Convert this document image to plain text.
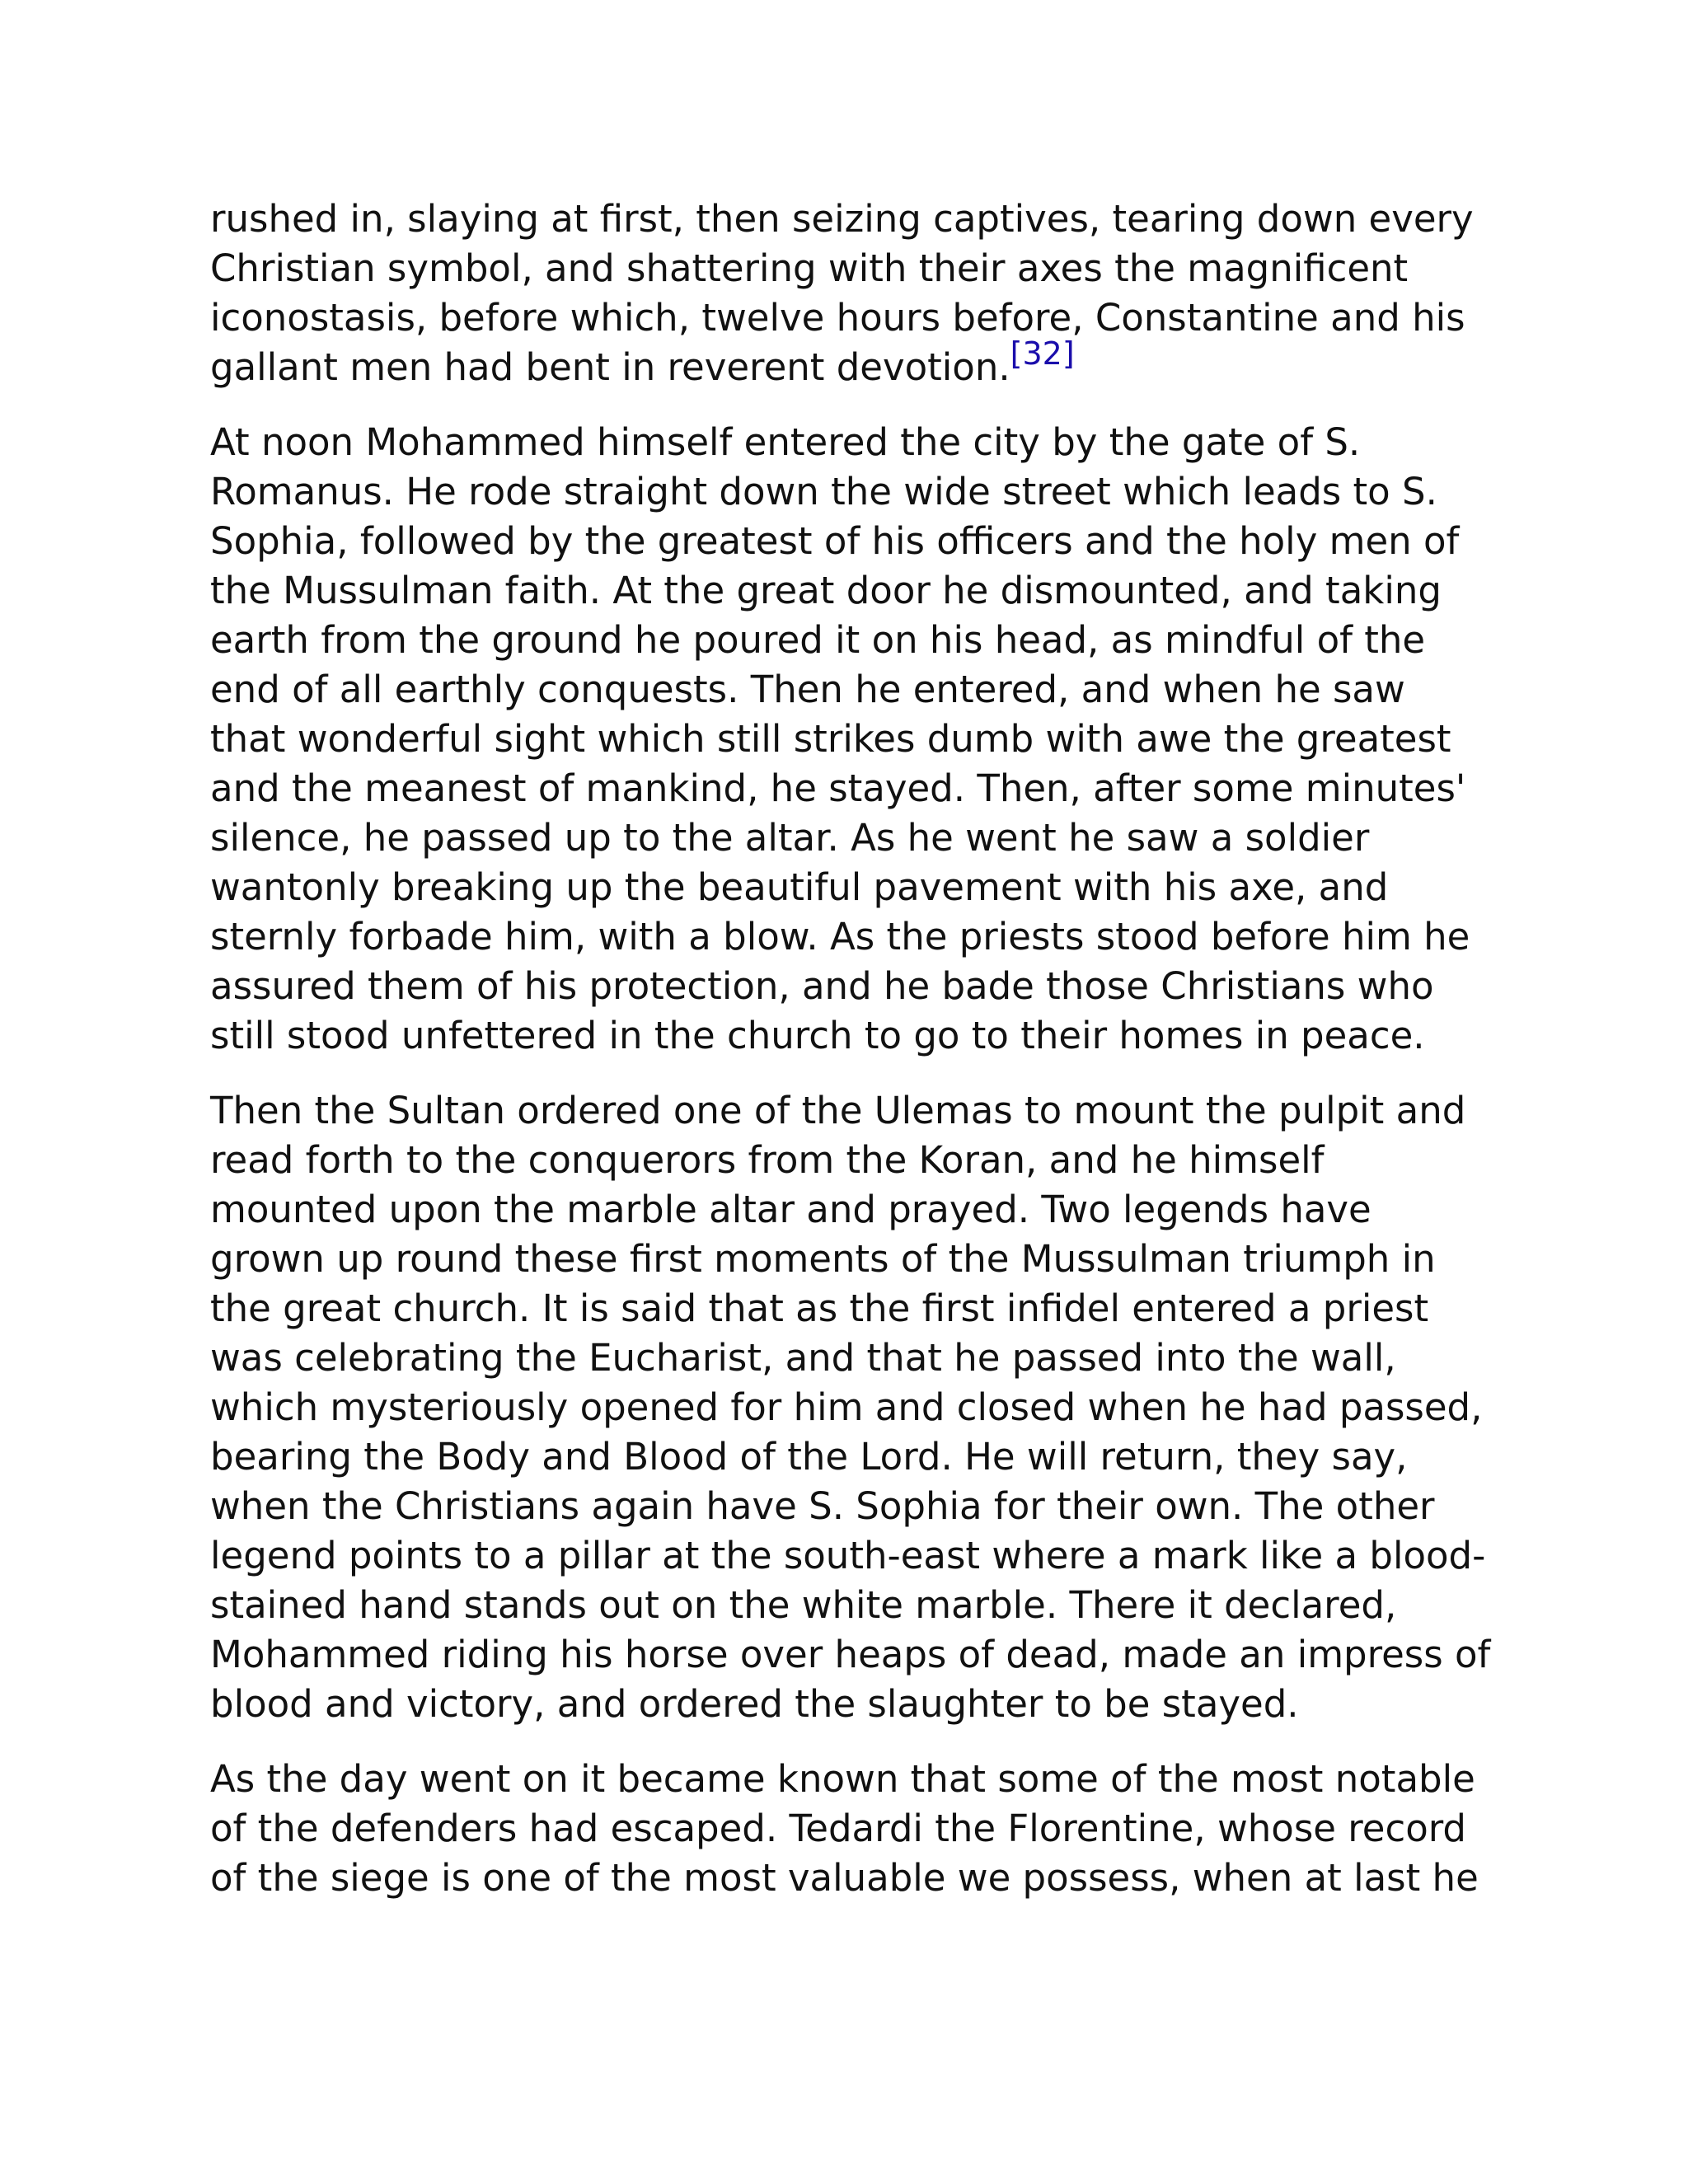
rushed in, slaying at first, then seizing captives, tearing down every
Christian symbol, and shattering with their axes the magnificent
iconostasis, before which, twelve hours before, Constantine and his
gallant men had bent in reverent devotion.[32]

At noon Mohammed himself entered the city by the gate of S.
Romanus. He rode straight down the wide street which leads to S.
Sophia, followed by the greatest of his officers and the holy men of
the Mussulman faith. At the great door he dismounted, and taking
earth from the ground he poured it on his head, as mindful of the
end of all earthly conquests. Then he entered, and when he saw
that wonderful sight which still strikes dumb with awe the greatest
and the meanest of mankind, he stayed. Then, after some minutes'
silence, he passed up to the altar. As he went he saw a soldier
wantonly breaking up the beautiful pavement with his axe, and
sternly forbade him, with a blow. As the priests stood before him he
assured them of his protection, and he bade those Christians who
still stood unfettered in the church to go to their homes in peace.

Then the Sultan ordered one of the Ulemas to mount the pulpit and
read forth to the conquerors from the Koran, and he himself
mounted upon the marble altar and prayed. Two legends have
grown up round these first moments of the Mussulman triumph in
the great church. It is said that as the first infidel entered a priest
was celebrating the Eucharist, and that he passed into the wall,
which mysteriously opened for him and closed when he had passed,
bearing the Body and Blood of the Lord. He will return, they say,
when the Christians again have S. Sophia for their own. The other
legend points to a pillar at the south-east where a mark like a blood-
stained hand stands out on the white marble. There it declared,
Mohammed riding his horse over heaps of dead, made an impress of
blood and victory, and ordered the slaughter to be stayed.

As the day went on it became known that some of the most notable
of the defenders had escaped. Tedardi the Florentine, whose record
of the siege is one of the most valuable we possess, when at last he
